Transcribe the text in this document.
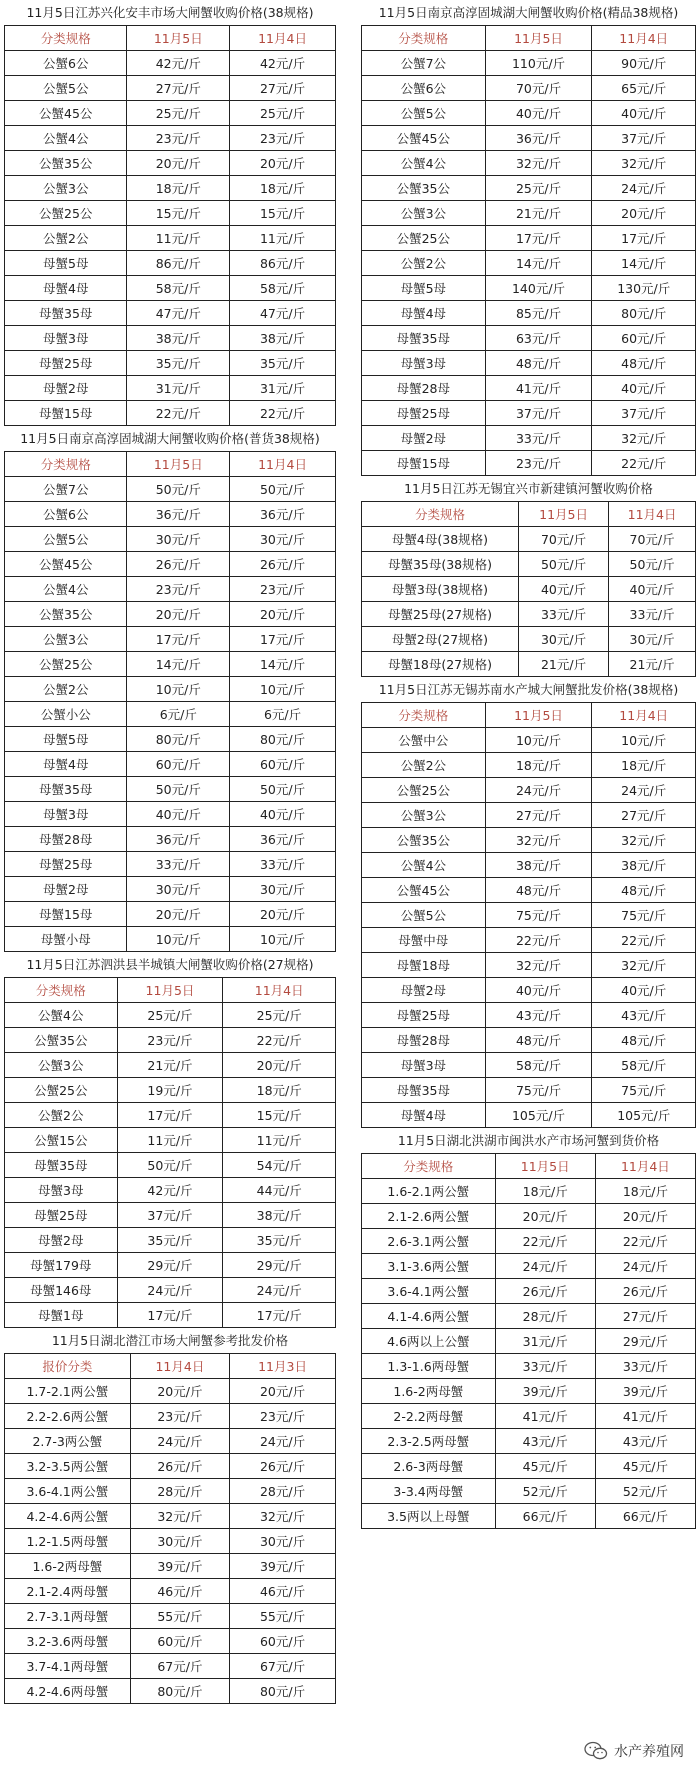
11月5日江苏兴化安丰市场大闸蟹收购价格(38规格)
分类规格	11月5日	11月4日
公蟹6公	42元/斤	42元/斤
公蟹5公	27元/斤	27元/斤
公蟹45公	25元/斤	25元/斤
公蟹4公	23元/斤	23元/斤
公蟹35公	20元/斤	20元/斤
公蟹3公	18元/斤	18元/斤
公蟹25公	15元/斤	15元/斤
公蟹2公	11元/斤	11元/斤
母蟹5母	86元/斤	86元/斤
母蟹4母	58元/斤	58元/斤
母蟹35母	47元/斤	47元/斤
母蟹3母	38元/斤	38元/斤
母蟹25母	35元/斤	35元/斤
母蟹2母	31元/斤	31元/斤
母蟹15母	22元/斤	22元/斤
11月5日南京高淳固城湖大闸蟹收购价格(普货38规格)
分类规格	11月5日	11月4日
公蟹7公	50元/斤	50元/斤
公蟹6公	36元/斤	36元/斤
公蟹5公	30元/斤	30元/斤
公蟹45公	26元/斤	26元/斤
公蟹4公	23元/斤	23元/斤
公蟹35公	20元/斤	20元/斤
公蟹3公	17元/斤	17元/斤
公蟹25公	14元/斤	14元/斤
公蟹2公	10元/斤	10元/斤
公蟹小公	6元/斤	6元/斤
母蟹5母	80元/斤	80元/斤
母蟹4母	60元/斤	60元/斤
母蟹35母	50元/斤	50元/斤
母蟹3母	40元/斤	40元/斤
母蟹28母	36元/斤	36元/斤
母蟹25母	33元/斤	33元/斤
母蟹2母	30元/斤	30元/斤
母蟹15母	20元/斤	20元/斤
母蟹小母	10元/斤	10元/斤
11月5日江苏泗洪县半城镇大闸蟹收购价格(27规格)
分类规格	11月5日	11月4日
公蟹4公	25元/斤	25元/斤
公蟹35公	23元/斤	22元/斤
公蟹3公	21元/斤	20元/斤
公蟹25公	19元/斤	18元/斤
公蟹2公	17元/斤	15元/斤
公蟹15公	11元/斤	11元/斤
母蟹35母	50元/斤	54元/斤
母蟹3母	42元/斤	44元/斤
母蟹25母	37元/斤	38元/斤
母蟹2母	35元/斤	35元/斤
母蟹179母	29元/斤	29元/斤
母蟹146母	24元/斤	24元/斤
母蟹1母	17元/斤	17元/斤
11月5日湖北潜江市场大闸蟹参考批发价格
报价分类	11月4日	11月3日
1.7-2.1两公蟹	20元/斤	20元/斤
2.2-2.6两公蟹	23元/斤	23元/斤
2.7-3两公蟹	24元/斤	24元/斤
3.2-3.5两公蟹	26元/斤	26元/斤
3.6-4.1两公蟹	28元/斤	28元/斤
4.2-4.6两公蟹	32元/斤	32元/斤
1.2-1.5两母蟹	30元/斤	30元/斤
1.6-2两母蟹	39元/斤	39元/斤
2.1-2.4两母蟹	46元/斤	46元/斤
2.7-3.1两母蟹	55元/斤	55元/斤
3.2-3.6两母蟹	60元/斤	60元/斤
3.7-4.1两母蟹	67元/斤	67元/斤
4.2-4.6两母蟹	80元/斤	80元/斤
11月5日南京高淳固城湖大闸蟹收购价格(精品38规格)
分类规格	11月5日	11月4日
公蟹7公	110元/斤	90元/斤
公蟹6公	70元/斤	65元/斤
公蟹5公	40元/斤	40元/斤
公蟹45公	36元/斤	37元/斤
公蟹4公	32元/斤	32元/斤
公蟹35公	25元/斤	24元/斤
公蟹3公	21元/斤	20元/斤
公蟹25公	17元/斤	17元/斤
公蟹2公	14元/斤	14元/斤
母蟹5母	140元/斤	130元/斤
母蟹4母	85元/斤	80元/斤
母蟹35母	63元/斤	60元/斤
母蟹3母	48元/斤	48元/斤
母蟹28母	41元/斤	40元/斤
母蟹25母	37元/斤	37元/斤
母蟹2母	33元/斤	32元/斤
母蟹15母	23元/斤	22元/斤
11月5日江苏无锡宜兴市新建镇河蟹收购价格
分类规格	11月5日	11月4日
母蟹4母(38规格)	70元/斤	70元/斤
母蟹35母(38规格)	50元/斤	50元/斤
母蟹3母(38规格)	40元/斤	40元/斤
母蟹25母(27规格)	33元/斤	33元/斤
母蟹2母(27规格)	30元/斤	30元/斤
母蟹18母(27规格)	21元/斤	21元/斤
11月5日江苏无锡苏南水产城大闸蟹批发价格(38规格)
分类规格	11月5日	11月4日
公蟹中公	10元/斤	10元/斤
公蟹2公	18元/斤	18元/斤
公蟹25公	24元/斤	24元/斤
公蟹3公	27元/斤	27元/斤
公蟹35公	32元/斤	32元/斤
公蟹4公	38元/斤	38元/斤
公蟹45公	48元/斤	48元/斤
公蟹5公	75元/斤	75元/斤
母蟹中母	22元/斤	22元/斤
母蟹18母	32元/斤	32元/斤
母蟹2母	40元/斤	40元/斤
母蟹25母	43元/斤	43元/斤
母蟹28母	48元/斤	48元/斤
母蟹3母	58元/斤	58元/斤
母蟹35母	75元/斤	75元/斤
母蟹4母	105元/斤	105元/斤
11月5日湖北洪湖市闽洪水产市场河蟹到货价格
分类规格	11月5日	11月4日
1.6-2.1两公蟹	18元/斤	18元/斤
2.1-2.6两公蟹	20元/斤	20元/斤
2.6-3.1两公蟹	22元/斤	22元/斤
3.1-3.6两公蟹	24元/斤	24元/斤
3.6-4.1两公蟹	26元/斤	26元/斤
4.1-4.6两公蟹	28元/斤	27元/斤
4.6两以上公蟹	31元/斤	29元/斤
1.3-1.6两母蟹	33元/斤	33元/斤
1.6-2两母蟹	39元/斤	39元/斤
2-2.2两母蟹	41元/斤	41元/斤
2.3-2.5两母蟹	43元/斤	43元/斤
2.6-3两母蟹	45元/斤	45元/斤
3-3.4两母蟹	52元/斤	52元/斤
3.5两以上母蟹	66元/斤	66元/斤
水产养殖网
